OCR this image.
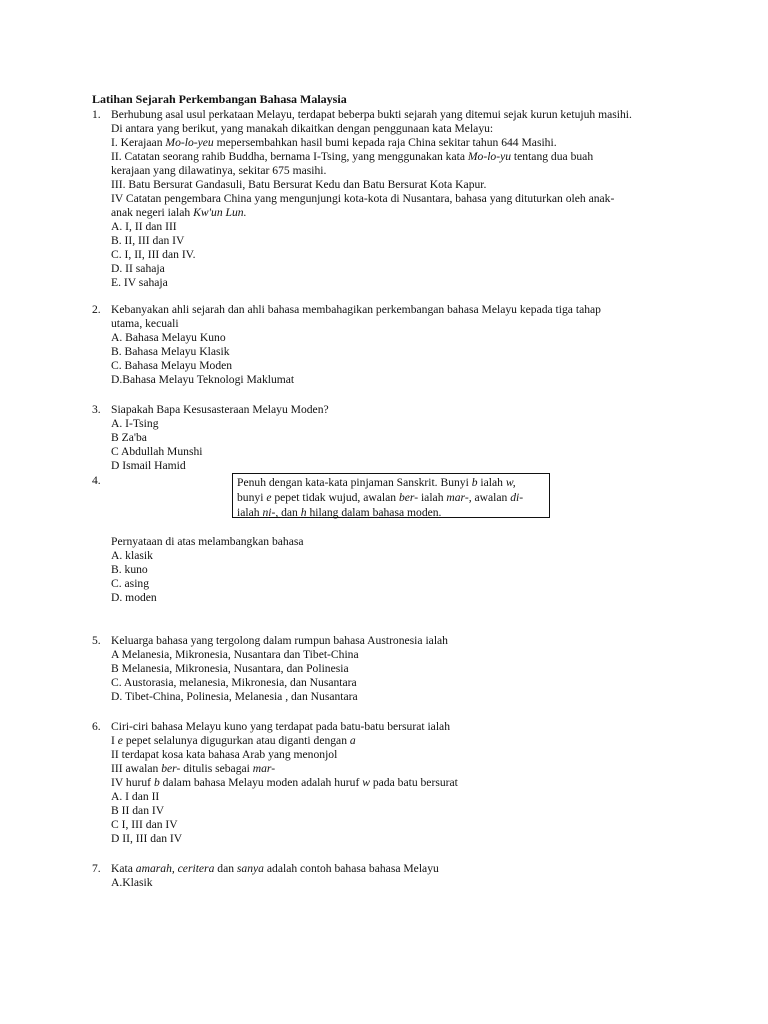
Latihan Sejarah Perkembangan Bahasa Malaysia
1. Berhubung asal usul perkataan Melayu, terdapat beberpa bukti sejarah yang ditemui sejak kurun ketujuh masihi.
Di antara yang berikut, yang manakah dikaitkan dengan penggunaan kata Melayu:
I. Kerajaan Mo-lo-yeu mepersembahkan hasil bumi kepada raja China sekitar tahun 644 Masihi.
II. Catatan seorang rahib Buddha, bernama I-Tsing, yang menggunakan kata Mo-lo-yu tentang dua buah
kerajaan yang dilawatinya, sekitar 675 masihi.
III. Batu Bersurat Gandasuli, Batu Bersurat Kedu dan Batu Bersurat Kota Kapur.
IV Catatan pengembara China yang mengunjungi kota-kota di Nusantara, bahasa yang dituturkan oleh anak-
anak negeri ialah Kw'un Lun.
A. I, II dan III
B. II, III dan IV
C. I, II, III dan IV.
D. II sahaja
E. IV sahaja
2. Kebanyakan ahli sejarah dan ahli bahasa membahagikan perkembangan bahasa Melayu kepada tiga tahap
utama, kecuali
A. Bahasa Melayu Kuno
B. Bahasa Melayu Klasik
C. Bahasa Melayu Moden
D.Bahasa Melayu Teknologi Maklumat
3. Siapakah Bapa Kesusasteraan Melayu Moden?
A. I-Tsing
B Za'ba
C Abdullah Munshi
D Ismail Hamid
4.	Penuh dengan kata-kata pinjaman Sanskrit. Bunyi b ialah w,
bunyi e pepet tidak wujud, awalan ber- ialah mar-, awalan di-
ialah ni-, dan h hilang dalam bahasa moden.
Pernyataan di atas melambangkan bahasa
A. klasik
B. kuno
C. asing
D. moden
5. Keluarga bahasa yang tergolong dalam rumpun bahasa Austronesia ialah
A Melanesia, Mikronesia, Nusantara dan Tibet-China
B Melanesia, Mikronesia, Nusantara, dan Polinesia
C. Austorasia, melanesia, Mikronesia, dan Nusantara
D. Tibet-China, Polinesia, Melanesia , dan Nusantara
6. Ciri-ciri bahasa Melayu kuno yang terdapat pada batu-batu bersurat ialah
I e pepet selalunya digugurkan atau diganti dengan a
II terdapat kosa kata bahasa Arab yang menonjol
III awalan ber- ditulis sebagai mar-
IV huruf b dalam bahasa Melayu moden adalah huruf w pada batu bersurat
A. I dan II
B II dan IV
C I, III dan IV
D II, III dan IV
7. Kata amarah, ceritera dan sanya adalah contoh bahasa bahasa Melayu
A.Klasik
